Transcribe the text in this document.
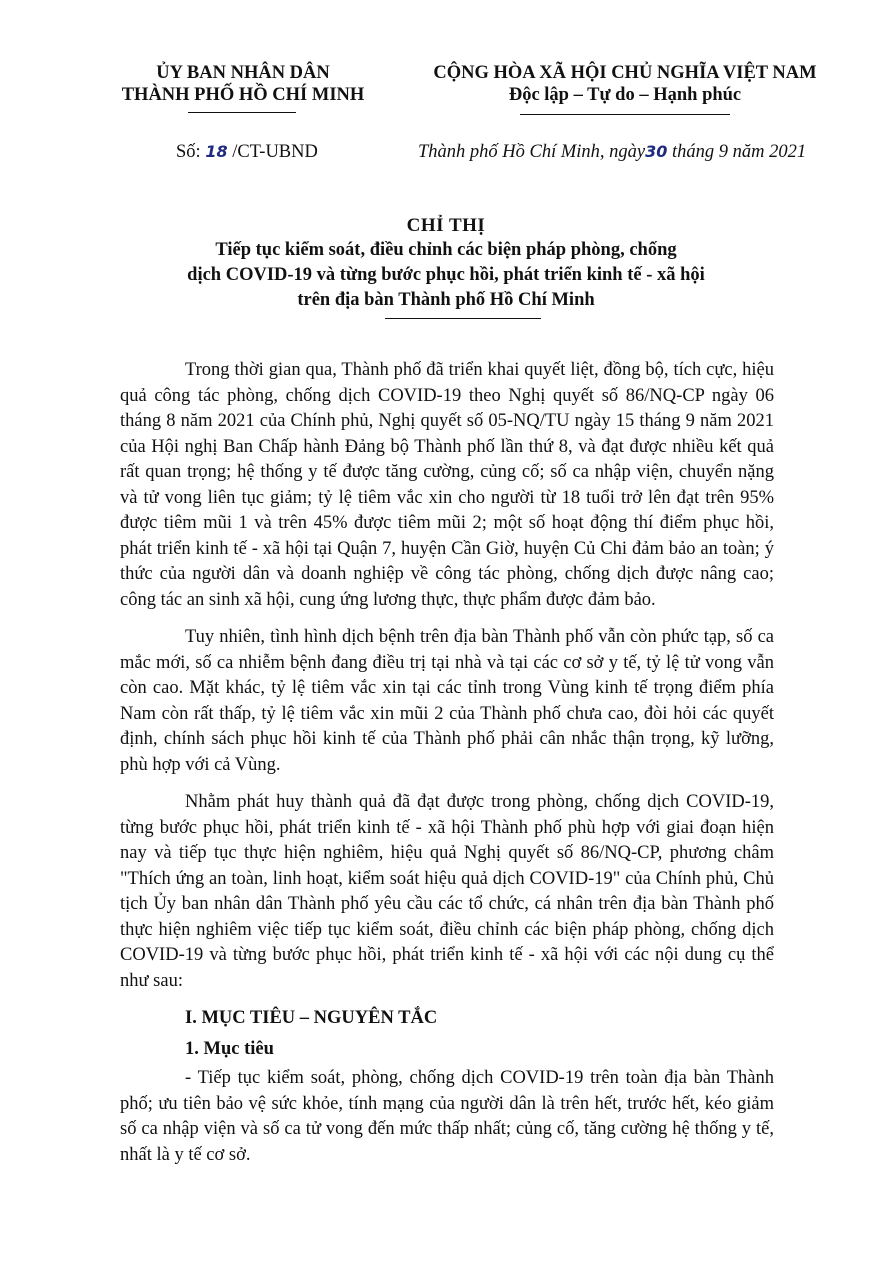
ỦY BAN NHÂN DÂN
THÀNH PHỐ HỒ CHÍ MINH
CỘNG HÒA XÃ HỘI CHỦ NGHĨA VIỆT NAM
Độc lập – Tự do – Hạnh phúc
Số: 18 /CT-UBND	Thành phố Hồ Chí Minh, ngày30 tháng 9 năm 2021
CHỈ THỊ
Tiếp tục kiểm soát, điều chỉnh các biện pháp phòng, chống
dịch COVID-19 và từng bước phục hồi, phát triển kinh tế - xã hội
trên địa bàn Thành phố Hồ Chí Minh

Trong thời gian qua, Thành phố đã triển khai quyết liệt, đồng bộ, tích cực, hiệu quả công tác phòng, chống dịch COVID-19 theo Nghị quyết số 86/NQ-CP ngày 06 tháng 8 năm 2021 của Chính phủ, Nghị quyết số 05-NQ/TU ngày 15 tháng 9 năm 2021 của Hội nghị Ban Chấp hành Đảng bộ Thành phố lần thứ 8, và đạt được nhiều kết quả rất quan trọng; hệ thống y tế được tăng cường, củng cố; số ca nhập viện, chuyển nặng và tử vong liên tục giảm; tỷ lệ tiêm vắc xin cho người từ 18 tuổi trở lên đạt trên 95% được tiêm mũi 1 và trên 45% được tiêm mũi 2; một số hoạt động thí điểm phục hồi, phát triển kinh tế - xã hội tại Quận 7, huyện Cần Giờ, huyện Củ Chi đảm bảo an toàn; ý thức của người dân và doanh nghiệp về công tác phòng, chống dịch được nâng cao; công tác an sinh xã hội, cung ứng lương thực, thực phẩm được đảm bảo.

Tuy nhiên, tình hình dịch bệnh trên địa bàn Thành phố vẫn còn phức tạp, số ca mắc mới, số ca nhiễm bệnh đang điều trị tại nhà và tại các cơ sở y tế, tỷ lệ tử vong vẫn còn cao. Mặt khác, tỷ lệ tiêm vắc xin tại các tỉnh trong Vùng kinh tế trọng điểm phía Nam còn rất thấp, tỷ lệ tiêm vắc xin mũi 2 của Thành phố chưa cao, đòi hỏi các quyết định, chính sách phục hồi kinh tế của Thành phố phải cân nhắc thận trọng, kỹ lưỡng, phù hợp với cả Vùng.

Nhằm phát huy thành quả đã đạt được trong phòng, chống dịch COVID-19, từng bước phục hồi, phát triển kinh tế - xã hội Thành phố phù hợp với giai đoạn hiện nay và tiếp tục thực hiện nghiêm, hiệu quả Nghị quyết số 86/NQ-CP, phương châm "Thích ứng an toàn, linh hoạt, kiểm soát hiệu quả dịch COVID-19" của Chính phủ, Chủ tịch Ủy ban nhân dân Thành phố yêu cầu các tổ chức, cá nhân trên địa bàn Thành phố thực hiện nghiêm việc tiếp tục kiểm soát, điều chỉnh các biện pháp phòng, chống dịch COVID-19 và từng bước phục hồi, phát triển kinh tế - xã hội với các nội dung cụ thể như sau:

I. MỤC TIÊU – NGUYÊN TẮC
1. Mục tiêu

- Tiếp tục kiểm soát, phòng, chống dịch COVID-19 trên toàn địa bàn Thành phố; ưu tiên bảo vệ sức khỏe, tính mạng của người dân là trên hết, trước hết, kéo giảm số ca nhập viện và số ca tử vong đến mức thấp nhất; củng cố, tăng cường hệ thống y tế, nhất là y tế cơ sở.
